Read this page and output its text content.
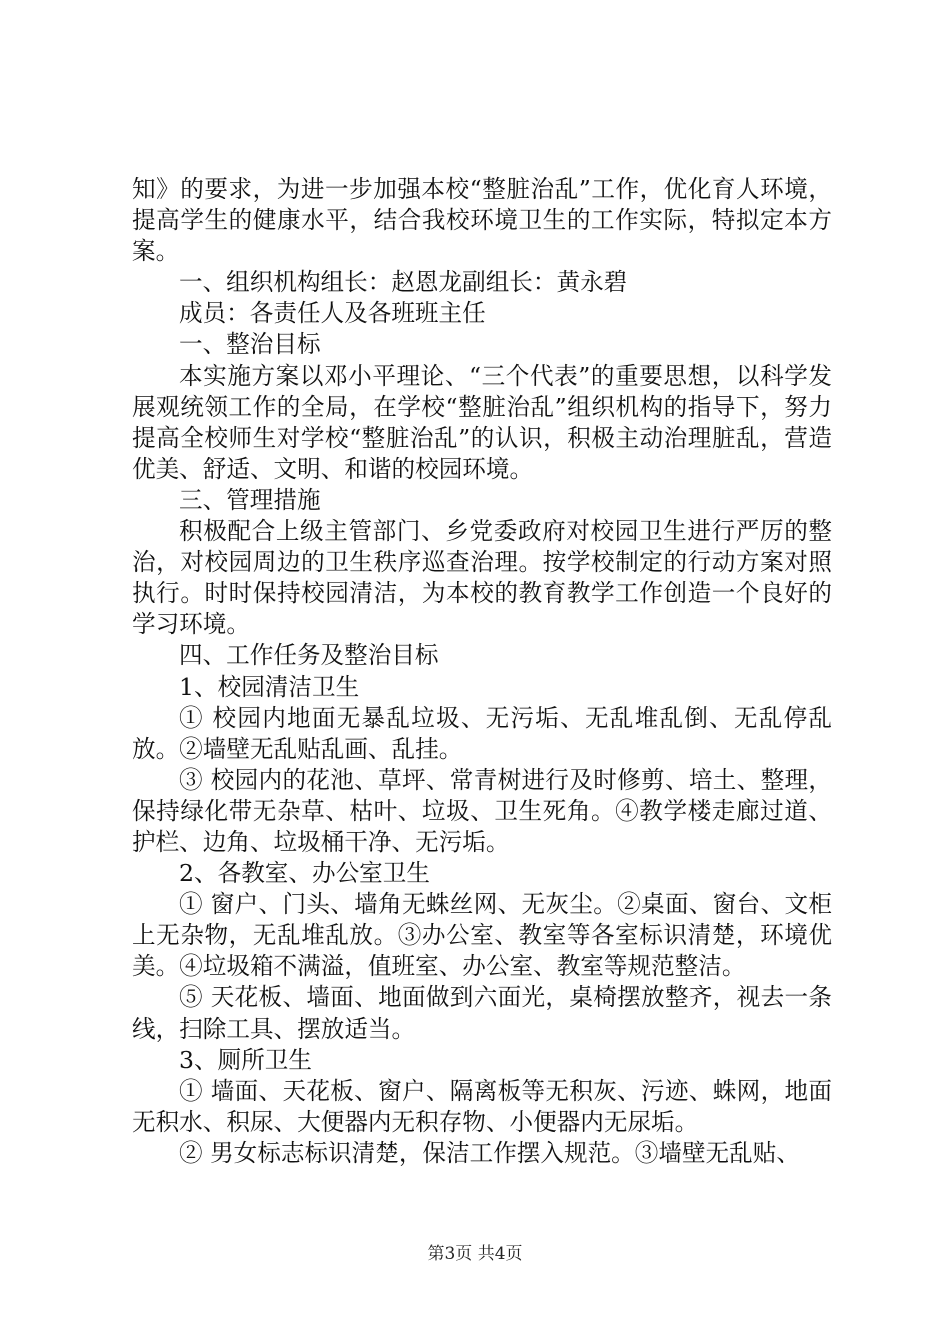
知》的要求，为进一步加强本校“整脏治乱”工作，优化育人环境，提高学生的健康水平，结合我校环境卫生的工作实际，特拟定本方案。

一、组织机构组长：赵恩龙副组长：黄永碧

成员：各责任人及各班班主任

一、整治目标

本实施方案以邓小平理论、“三个代表”的重要思想，以科学发展观统领工作的全局，在学校“整脏治乱”组织机构的指导下，努力提高全校师生对学校“整脏治乱”的认识，积极主动治理脏乱，营造优美、舒适、文明、和谐的校园环境。

三、管理措施

积极配合上级主管部门、乡党委政府对校园卫生进行严厉的整治，对校园周边的卫生秩序巡查治理。按学校制定的行动方案对照执行。时时保持校园清洁，为本校的教育教学工作创造一个良好的学习环境。

四、工作任务及整治目标

1、校园清洁卫生

① 校园内地面无暴乱垃圾、无污垢、无乱堆乱倒、无乱停乱放。②墙壁无乱贴乱画、乱挂。

③ 校园内的花池、草坪、常青树进行及时修剪、培土、整理，保持绿化带无杂草、枯叶、垃圾、卫生死角。④教学楼走廊过道、护栏、边角、垃圾桶干净、无污垢。

2、各教室、办公室卫生

① 窗户、门头、墙角无蛛丝网、无灰尘。②桌面、窗台、文柜上无杂物，无乱堆乱放。③办公室、教室等各室标识清楚，环境优美。④垃圾箱不满溢，值班室、办公室、教室等规范整洁。

⑤ 天花板、墙面、地面做到六面光，桌椅摆放整齐，视去一条线，扫除工具、摆放适当。

3、厕所卫生

① 墙面、天花板、窗户、隔离板等无积灰、污迹、蛛网，地面无积水、积尿、大便器内无积存物、小便器内无尿垢。

② 男女标志标识清楚，保洁工作摆入规范。③墙壁无乱贴、

第3页 共4页
